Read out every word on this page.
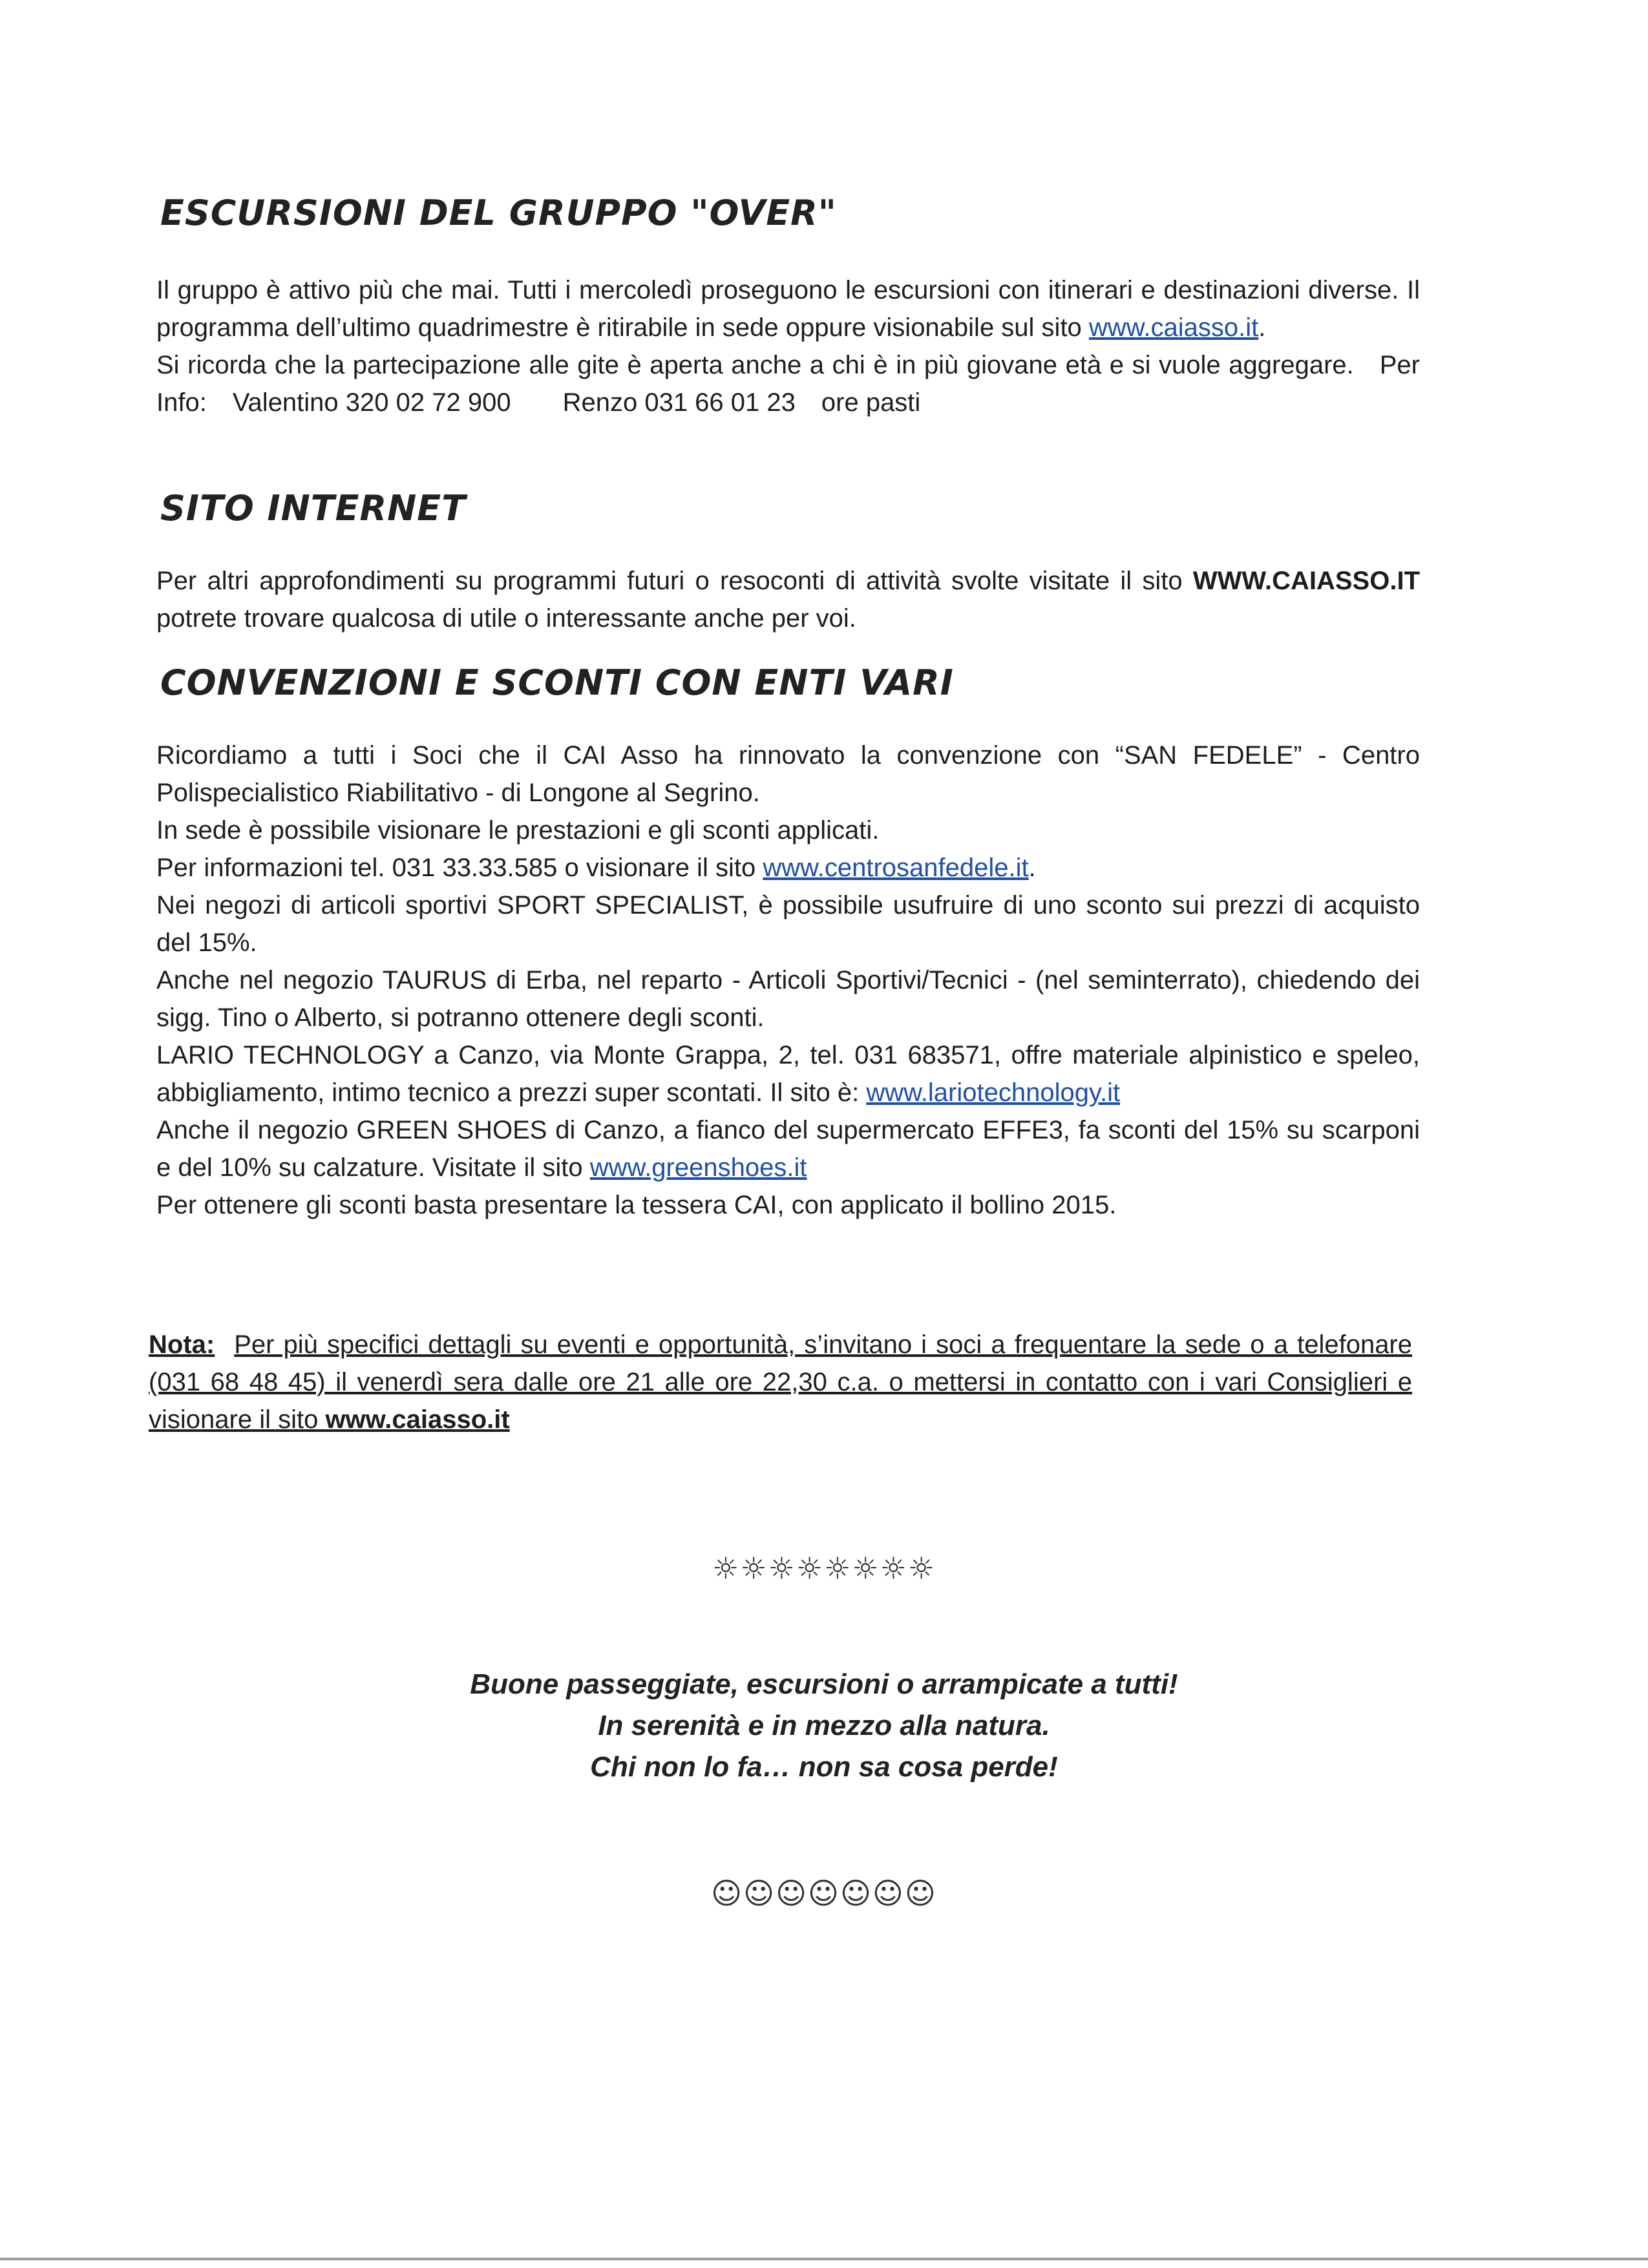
ESCURSIONI DEL GRUPPO "OVER"

Il gruppo è attivo più che mai. Tutti i mercoledì proseguono le escursioni con itinerari e destinazioni diverse. Il programma dell’ultimo quadrimestre è ritirabile in sede oppure visionabile sul sito www.caiasso.it.

Si ricorda che la partecipazione alle gite è aperta anche a chi è in più giovane età e si vuole aggregare. Per Info: Valentino 320 02 72 900 Renzo 031 66 01 23 ore pasti

SITO INTERNET

Per altri approfondimenti su programmi futuri o resoconti di attività svolte visitate il sito WWW.CAIASSO.IT potrete trovare qualcosa di utile o interessante anche per voi.

CONVENZIONI E SCONTI CON ENTI VARI

Ricordiamo a tutti i Soci che il CAI Asso ha rinnovato la convenzione con “SAN FEDELE” - Centro Polispecialistico Riabilitativo - di Longone al Segrino.

In sede è possibile visionare le prestazioni e gli sconti applicati.

Per informazioni tel. 031 33.33.585 o visionare il sito www.centrosanfedele.it.

Nei negozi di articoli sportivi SPORT SPECIALIST, è possibile usufruire di uno sconto sui prezzi di acquisto del 15%.

Anche nel negozio TAURUS di Erba, nel reparto - Articoli Sportivi/Tecnici - (nel seminterrato), chiedendo dei sigg. Tino o Alberto, si potranno ottenere degli sconti.

LARIO TECHNOLOGY a Canzo, via Monte Grappa, 2, tel. 031 683571, offre materiale alpinistico e speleo, abbigliamento, intimo tecnico a prezzi super scontati. Il sito è: www.lariotechnology.it

Anche il negozio GREEN SHOES di Canzo, a fianco del supermercato EFFE3, fa sconti del 15% su scarponi e del 10% su calzature. Visitate il sito www.greenshoes.it

Per ottenere gli sconti basta presentare la tessera CAI, con applicato il bollino 2015.

Nota: Per più specifici dettagli su eventi e opportunità, s’invitano i soci a frequentare la sede o a telefonare (031 68 48 45) il venerdì sera dalle ore 21 alle ore 22,30 c.a. o mettersi in contatto con i vari Consiglieri e visionare il sito www.caiasso.it
☼☼☼☼☼☼☼☼

Buone passeggiate, escursioni o arrampicate a tutti!

In serenità e in mezzo alla natura.

Chi non lo fa… non sa cosa perde!

☺☺☺☺☺☺☺
